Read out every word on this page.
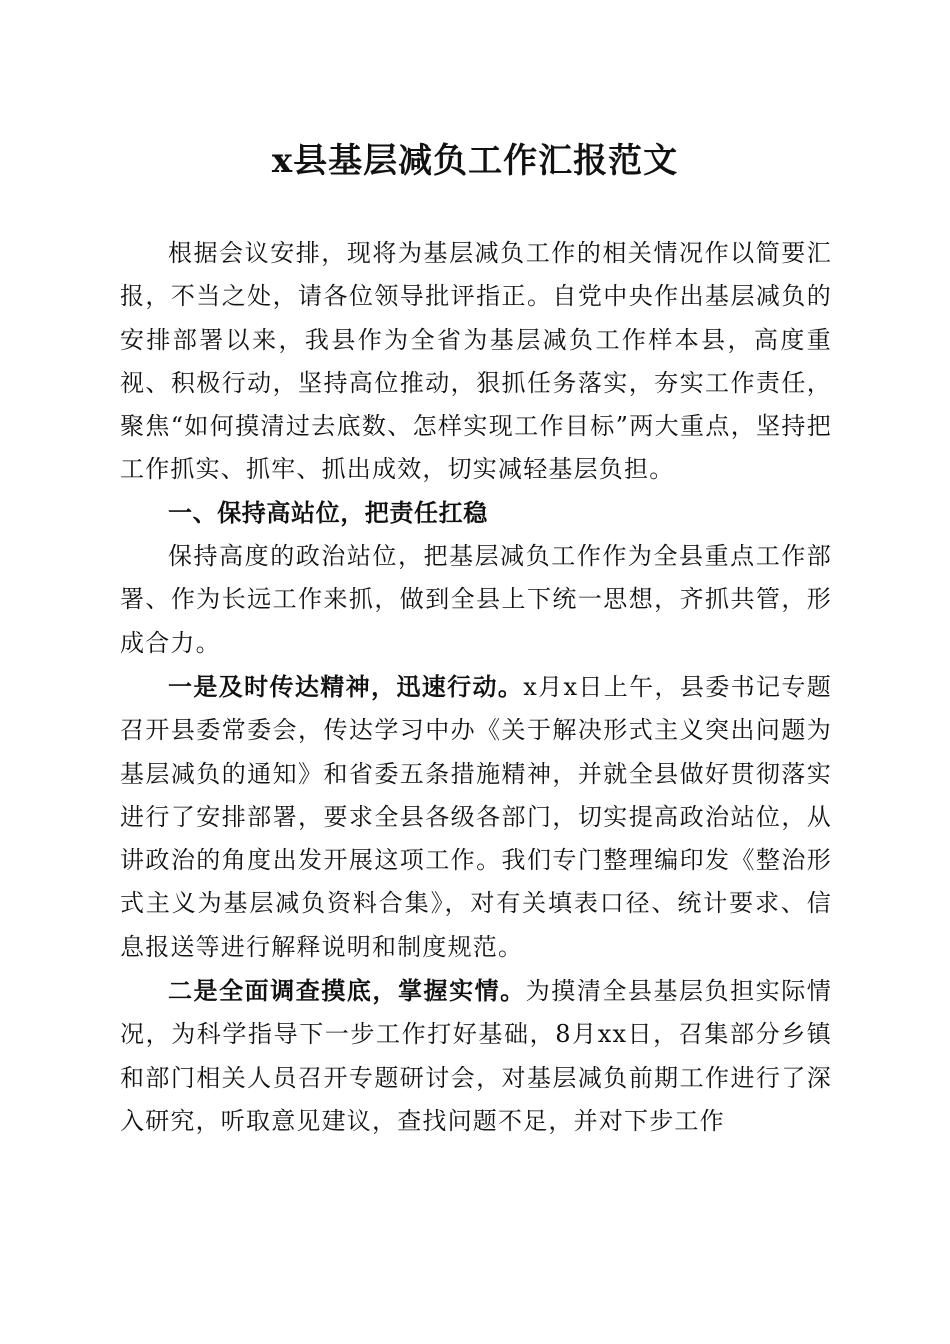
x县基层减负工作汇报范文

根据会议安排，现将为基层减负工作的相关情况作以简要汇报，不当之处，请各位领导批评指正。自党中央作出基层减负的安排部署以来，我县作为全省为基层减负工作样本县，高度重视、积极行动，坚持高位推动，狠抓任务落实，夯实工作责任，聚焦“如何摸清过去底数、怎样实现工作目标”两大重点，坚持把工作抓实、抓牢、抓出成效，切实减轻基层负担。

一、保持高站位，把责任扛稳

保持高度的政治站位，把基层减负工作作为全县重点工作部署、作为长远工作来抓，做到全县上下统一思想，齐抓共管，形成合力。

一是及时传达精神，迅速行动。x月x日上午，县委书记专题召开县委常委会，传达学习中办《关于解决形式主义突出问题为基层减负的通知》和省委五条措施精神，并就全县做好贯彻落实进行了安排部署，要求全县各级各部门，切实提高政治站位，从讲政治的角度出发开展这项工作。我们专门整理编印发《整治形式主义为基层减负资料合集》，对有关填表口径、统计要求、信息报送等进行解释说明和制度规范。

二是全面调查摸底，掌握实情。为摸清全县基层负担实际情况，为科学指导下一步工作打好基础，8月xx日，召集部分乡镇和部门相关人员召开专题研讨会，对基层减负前期工作进行了深入研究，听取意见建议，查找问题不足，并对下步工作
